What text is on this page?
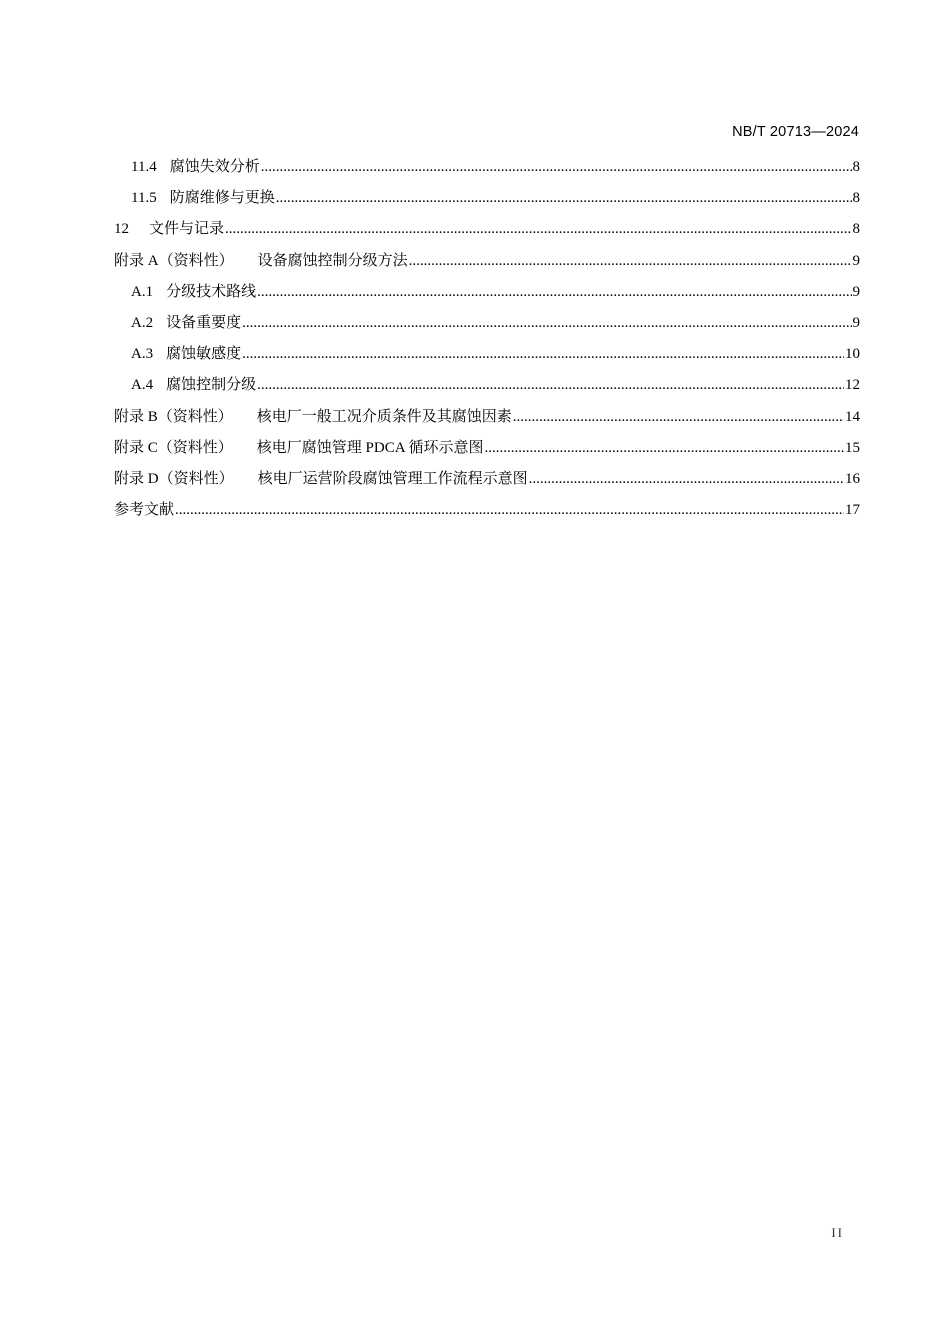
NB/T 20713—2024
11.4 腐蚀失效分析 .....	8
11.5 防腐维修与更换 .....	8
12 文件与记录 .....	8
附录 A（资料性） 设备腐蚀控制分级方法 .....	9
A.1 分级技术路线 .....	9
A.2 设备重要度 .....	9
A.3 腐蚀敏感度 .....	10
A.4 腐蚀控制分级 .....	12
附录 B（资料性） 核电厂一般工况介质条件及其腐蚀因素 .....	14
附录 C（资料性） 核电厂腐蚀管理 PDCA 循环示意图 .....	15
附录 D（资料性） 核电厂运营阶段腐蚀管理工作流程示意图 .....	16
参考文献 .....	17
II
